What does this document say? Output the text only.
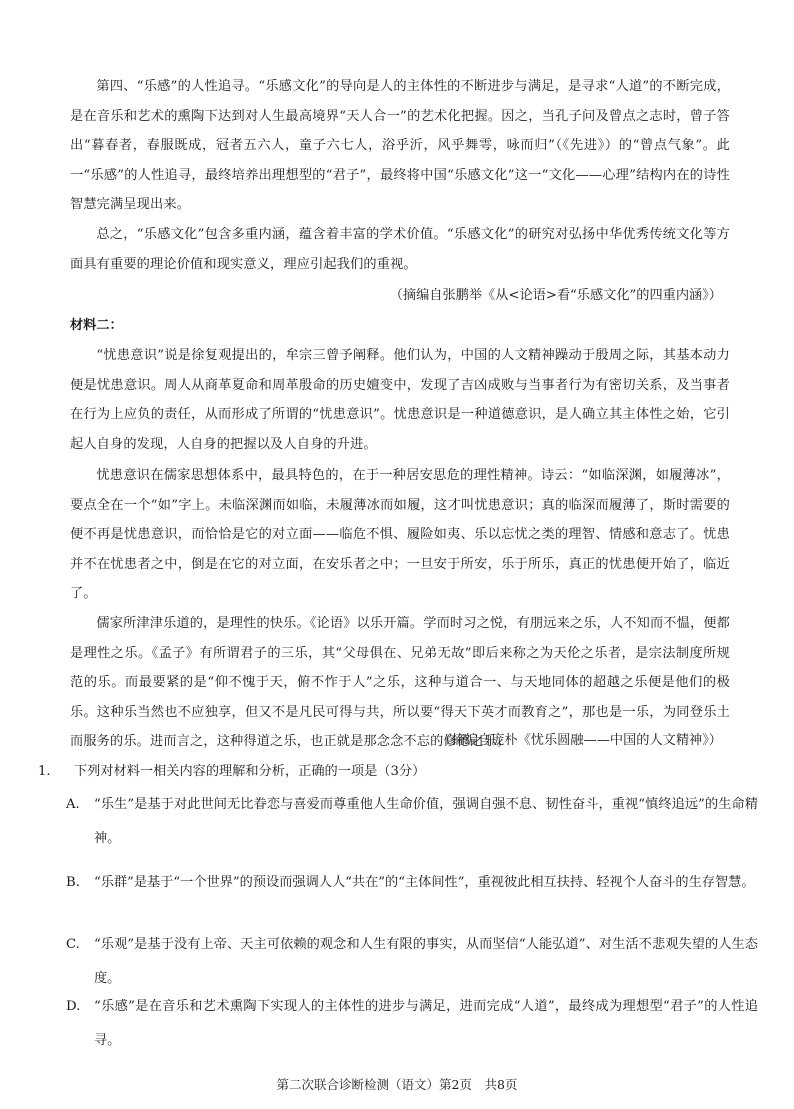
第四、“乐感”的人性追寻。“乐感文化”的导向是人的主体性的不断进步与满足，是寻求“人道”的不断完成，是在音乐和艺术的熏陶下达到对人生最高境界“天人合一”的艺术化把握。因之，当孔子问及曾点之志时，曾子答出“暮春者，春服既成，冠者五六人，童子六七人，浴乎沂，风乎舞雩，咏而归”（《先进》）的“曾点气象”。此一“乐感”的人性追寻，最终培养出理想型的“君子”，最终将中国“乐感文化”这一“文化——心理”结构内在的诗性智慧完满呈现出来。

总之，“乐感文化”包含多重内涵，蕴含着丰富的学术价值。“乐感文化”的研究对弘扬中华优秀传统文化等方面具有重要的理论价值和现实意义，理应引起我们的重视。

（摘编自张鹏举《从<论语>看“乐感文化”的四重内涵》）

材料二：

“忧患意识”说是徐复观提出的，牟宗三曾予阐释。他们认为，中国的人文精神躁动于殷周之际，其基本动力便是忧患意识。周人从商革夏命和周革殷命的历史嬗变中，发现了吉凶成败与当事者行为有密切关系，及当事者在行为上应负的责任，从而形成了所谓的“忧患意识”。忧患意识是一种道德意识，是人确立其主体性之始，它引起人自身的发现，人自身的把握以及人自身的升进。

忧患意识在儒家思想体系中，最具特色的，在于一种居安思危的理性精神。诗云：“如临深渊，如履薄冰”，要点全在一个“如”字上。未临深渊而如临，未履薄冰而如履，这才叫忧患意识；真的临深而履薄了，斯时需要的便不再是忧患意识，而恰恰是它的对立面——临危不惧、履险如夷、乐以忘忧之类的理智、情感和意志了。忧患并不在忧患者之中，倒是在它的对立面，在安乐者之中；一旦安于所安，乐于所乐，真正的忧患便开始了，临近了。

儒家所津津乐道的，是理性的快乐。《论语》以乐开篇。学而时习之悦，有朋远来之乐，人不知而不愠，便都是理性之乐。《孟子》有所谓君子的三乐，其“父母俱在、兄弟无故”即后来称之为天伦之乐者，是宗法制度所规范的乐。而最要紧的是“仰不愧于天，俯不怍于人”之乐，这种与道合一、与天地同体的超越之乐便是他们的极乐。这种乐当然也不应独享，但又不是凡民可得与共，所以要“得天下英才而教育之”，那也是一乐，为同登乐土而服务的乐。进而言之，这种得道之乐，也正就是那念念不忘的修德之乐。

（摘编自庞朴《忧乐圆融——中国的人文精神》）

1. 下列对材料一相关内容的理解和分析，正确的一项是（3分）

A. “乐生”是基于对此世间无比眷恋与喜爱而尊重他人生命价值，强调自强不息、韧性奋斗，重视“慎终追远”的生命精神。

B. “乐群”是基于“一个世界”的预设而强调人人“共在”的“主体间性”，重视彼此相互扶持、轻视个人奋斗的生存智慧。

C. “乐观”是基于没有上帝、天主可依赖的观念和人生有限的事实，从而坚信“人能弘道”、对生活不悲观失望的人生态度。

D. “乐感”是在音乐和艺术熏陶下实现人的主体性的进步与满足，进而完成“人道”，最终成为理想型“君子”的人性追寻。

第二次联合诊断检测（语文）第2页　共8页
